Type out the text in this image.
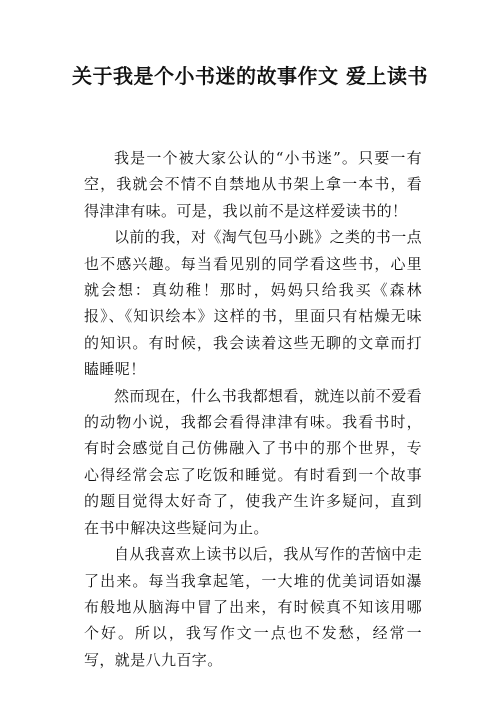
关于我是个小书迷的故事作文 爱上读书

我是一个被大家公认的“小书迷”。只要一有空，我就会不情不自禁地从书架上拿一本书，看得津津有味。可是，我以前不是这样爱读书的！

以前的我，对《淘气包马小跳》之类的书一点也不感兴趣。每当看见别的同学看这些书，心里就会想：真幼稚！那时，妈妈只给我买《森林报》、《知识绘本》这样的书，里面只有枯燥无味的知识。有时候，我会读着这些无聊的文章而打瞌睡呢！

然而现在，什么书我都想看，就连以前不爱看的动物小说，我都会看得津津有味。我看书时，有时会感觉自己仿佛融入了书中的那个世界，专心得经常会忘了吃饭和睡觉。有时看到一个故事的题目觉得太好奇了，使我产生许多疑问，直到在书中解决这些疑问为止。

自从我喜欢上读书以后，我从写作的苦恼中走了出来。每当我拿起笔，一大堆的优美词语如瀑布般地从脑海中冒了出来，有时候真不知该用哪个好。所以，我写作文一点也不发愁，经常一写，就是八九百字。
